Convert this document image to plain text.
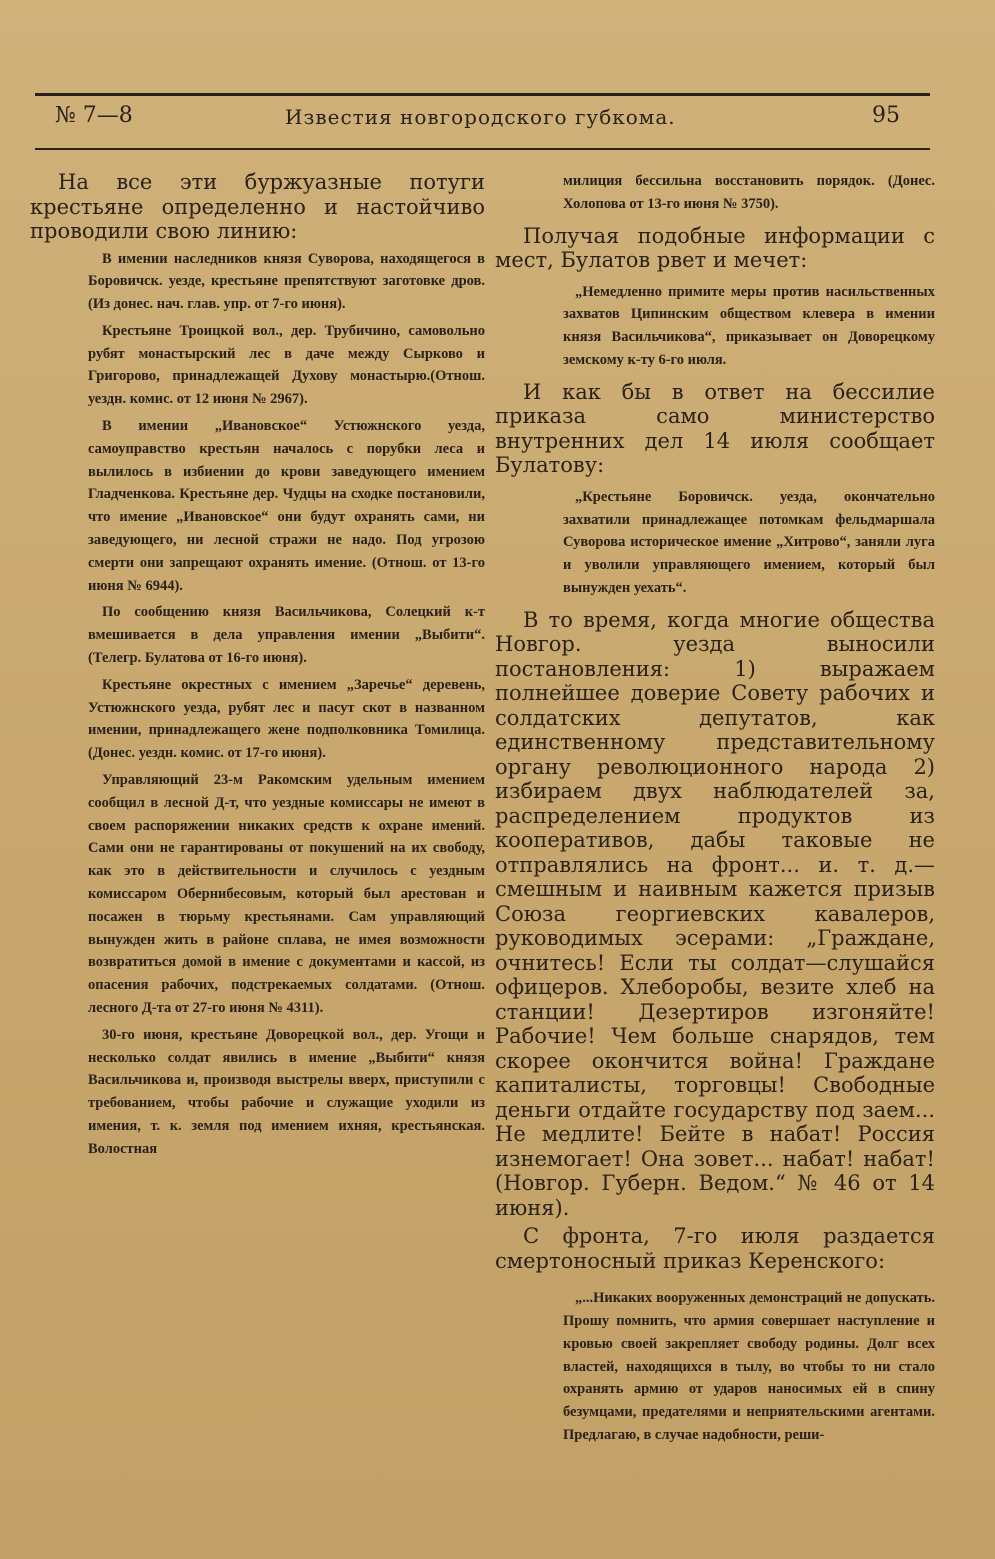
№ 7—8	Известия новгородского губкома.	95

На все эти буржуазные потуги крестьяне определенно и настойчиво проводили свою линию:

В имении наследников князя Суворова, находящегося в Боровичск. уезде, крестьяне препятствуют заготовке дров. (Из донес. нач. глав. упр. от 7-го июня).

Крестьяне Троицкой вол., дер. Трубичино, самовольно рубят монастырский лес в даче между Сырково и Григорово, принадлежащей Духову монастырю.(Отнош. уездн. комис. от 12 июня № 2967).

В имении „Ивановское“ Устюжнского уезда, самоуправство крестьян началось с порубки леса и вылилось в избиении до крови заведующего имением Гладченкова. Крестьяне дер. Чудцы на сходке постановили, что имение „Ивановское“ они будут охранять сами, ни заведующего, ни лесной стражи не надо. Под угрозою смерти они запрещают охранять имение. (Отнош. от 13-го июня № 6944).

По сообщению князя Васильчикова, Солецкий к-т вмешивается в дела управления имении „Выбити“. (Телегр. Булатова от 16-го июня).

Крестьяне окрестных с имением „Заречье“ деревень, Устюжнского уезда, рубят лес и пасут скот в названном имении, принадлежащего жене подполковника Томилица. (Донес. уездн. комис. от 17-го июня).

Управляющий 23-м Ракомским удельным имением сообщил в лесной Д-т, что уездные комиссары не имеют в своем распоряжении никаких средств к охране имений. Сами они не гарантированы от покушений на их свободу, как это в действительности и случилось с уездным комиссаром Обернибесовым, который был арестован и посажен в тюрьму крестьянами. Сам управляющий вынужден жить в районе сплава, не имея возможности возвратиться домой в имение с документами и кассой, из опасения рабочих, подстрекаемых солдатами. (Отнош. лесного Д-та от 27-го июня № 4311).

30-го июня, крестьяне Доворецкой вол., дер. Угощи и несколько солдат явились в имение „Выбити“ князя Васильчикова и, производя выстрелы вверх, приступили с требованием, чтобы рабочие и служащие уходили из имения, т. к. земля под имением ихняя, крестьянская. Волостная

милиция бессильна восстановить порядок. (Донес. Холопова от 13-го июня № 3750).

Получая подобные информации с мест, Булатов рвет и мечет:

„Немедленно примите меры против насильственных захватов Ципинским обществом клевера в имении князя Васильчикова“, приказывает он Доворецкому земскому к-ту 6-го июля.

И как бы в ответ на бессилие приказа само министерство внутренних дел 14 июля сообщает Булатову:

„Крестьяне Боровичск. уезда, окончательно захватили принадлежащее потомкам фельдмаршала Суворова историческое имение „Хитрово“, заняли луга и уволили управляющего имением, который был вынужден уехать“.

В то время, когда многие общества Новгор. уезда выносили постановления: 1) выражаем полнейшее доверие Совету рабочих и солдатских депутатов, как единственному представительному органу революционного народа 2) избираем двух наблюдателей за, распределением продуктов из кооперативов, дабы таковые не отправлялись на фронт... и. т. д.—смешным и наивным кажется призыв Союза георгиевских кавалеров, руководимых эсерами: „Граждане, очнитесь! Если ты солдат—слушайся офицеров. Хлеборобы, везите хлеб на станции! Дезертиров изгоняйте! Рабочие! Чем больше снарядов, тем скорее окончится война! Граждане капиталисты, торговцы! Свободные деньги отдайте государству под заем... Не медлите! Бейте в набат! Россия изнемогает! Она зовет... набат! набат! (Новгор. Губерн. Ведом.“ № 46 от 14 июня).

С фронта, 7-го июля раздается смертоносный приказ Керенского:

„...Никаких вооруженных демонстраций не допускать. Прошу помнить, что армия совершает наступление и кровью своей закрепляет свободу родины. Долг всех властей, находящихся в тылу, во чтобы то ни стало охранять армию от ударов наносимых ей в спину безумцами, предателями и неприятельскими агентами. Предлагаю, в случае надобности, реши-
